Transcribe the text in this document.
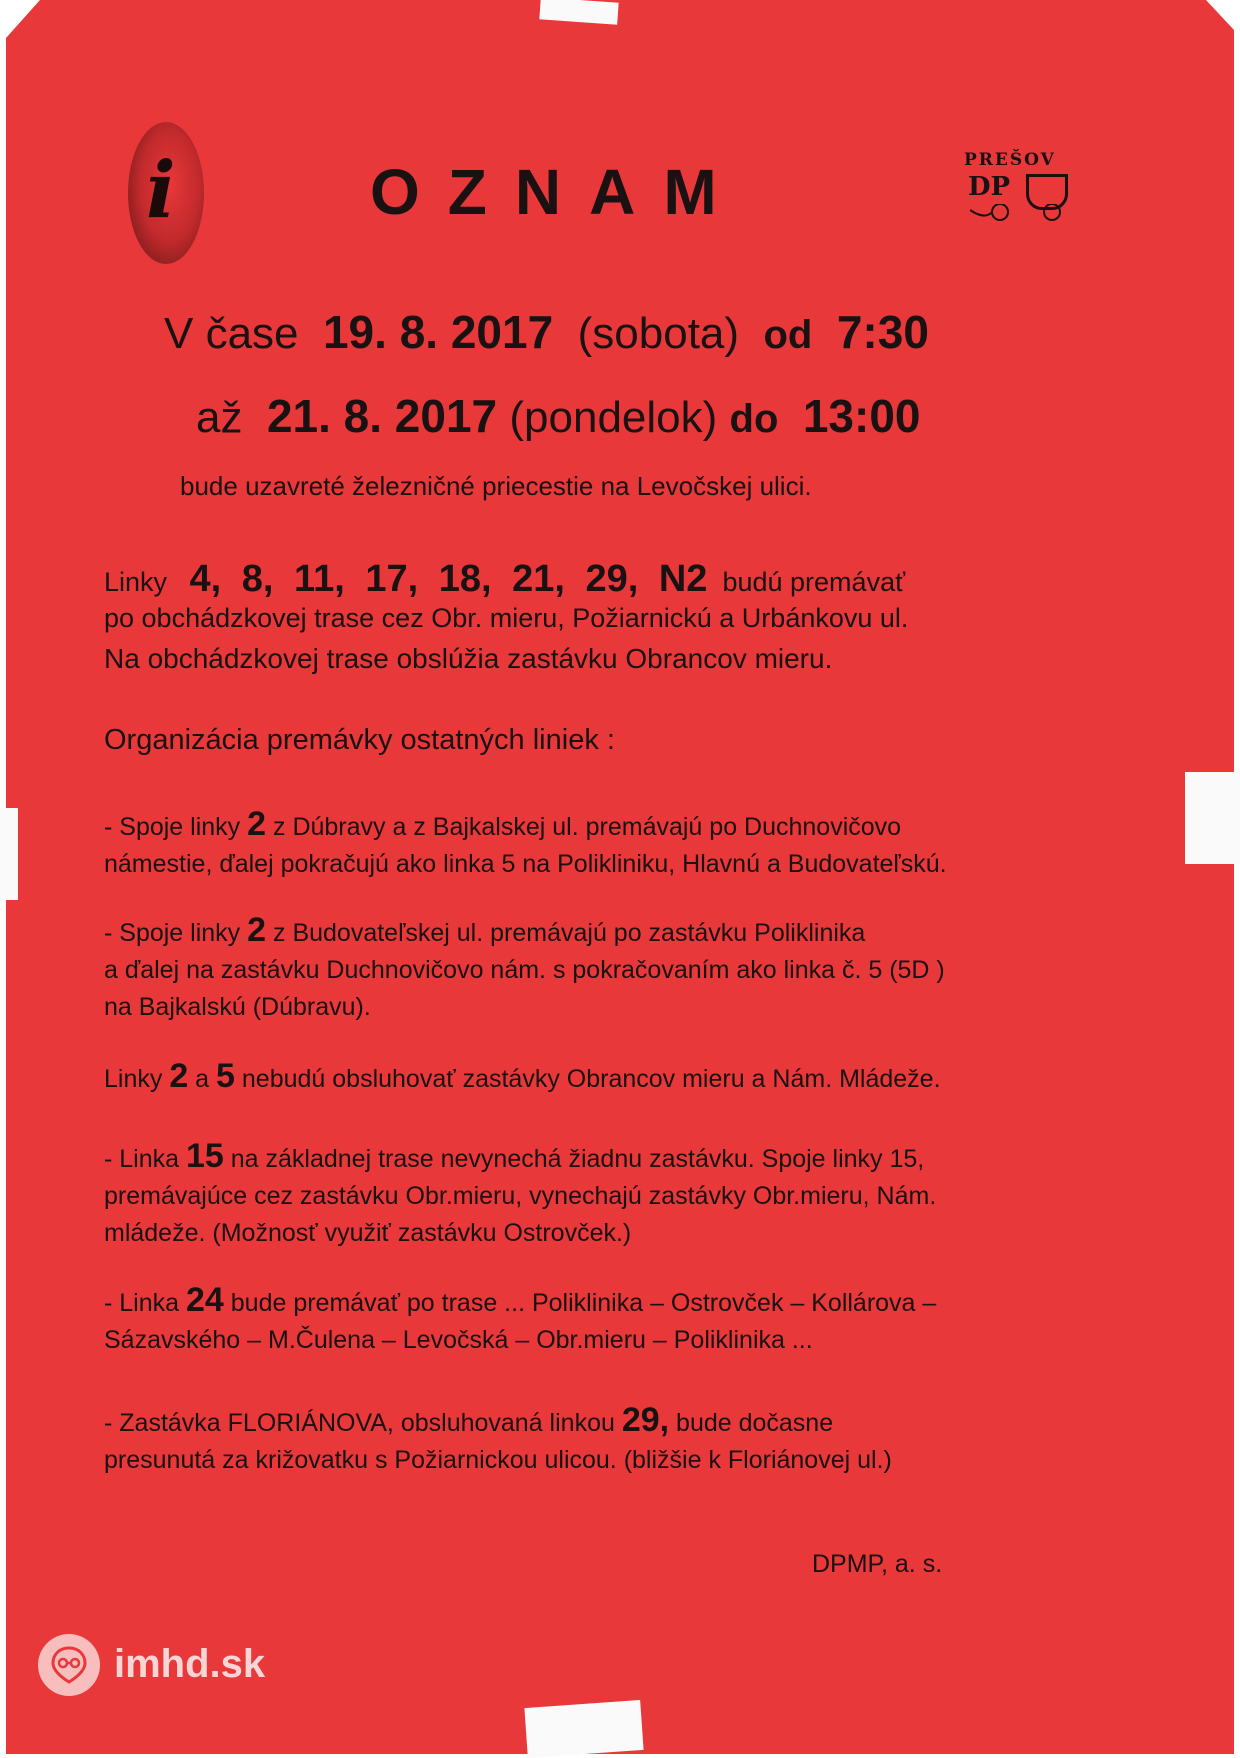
i	OZNAM	PREŠOV
DP
V čase 19. 8. 2017 (sobota) od 7:30
až 21. 8. 2017 (pondelok) do 13:00
bude uzavreté železničné priecestie na Levočskej ulici.
Linky 4, 8, 11, 17, 18, 21, 29, N2 budú premávať
po obchádzkovej trase cez Obr. mieru, Požiarnickú a Urbánkovu ul.
Na obchádzkovej trase obslúžia zastávku Obrancov mieru.
Organizácia premávky ostatných liniek :
- Spoje linky 2 z Dúbravy a z Bajkalskej ul. premávajú po Duchnovičovo
námestie, ďalej pokračujú ako linka 5 na Polikliniku, Hlavnú a Budovateľskú.
- Spoje linky 2 z Budovateľskej ul. premávajú po zastávku Poliklinika
a ďalej na zastávku Duchnovičovo nám. s pokračovaním ako linka č. 5 (5D )
na Bajkalskú (Dúbravu).
Linky 2 a 5 nebudú obsluhovať zastávky Obrancov mieru a Nám. Mládeže.
- Linka 15 na základnej trase nevynechá žiadnu zastávku. Spoje linky 15,
premávajúce cez zastávku Obr.mieru, vynechajú zastávky Obr.mieru, Nám.
mládeže. (Možnosť využiť zastávku Ostrovček.)
- Linka 24 bude premávať po trase ... Poliklinika – Ostrovček – Kollárova –
Sázavského – M.Čulena – Levočská – Obr.mieru – Poliklinika ...
- Zastávka FLORIÁNOVA, obsluhovaná linkou 29, bude dočasne
presunutá za križovatku s Požiarnickou ulicou. (bližšie k Floriánovej ul.)
DPMP, a. s.
imhd.sk
